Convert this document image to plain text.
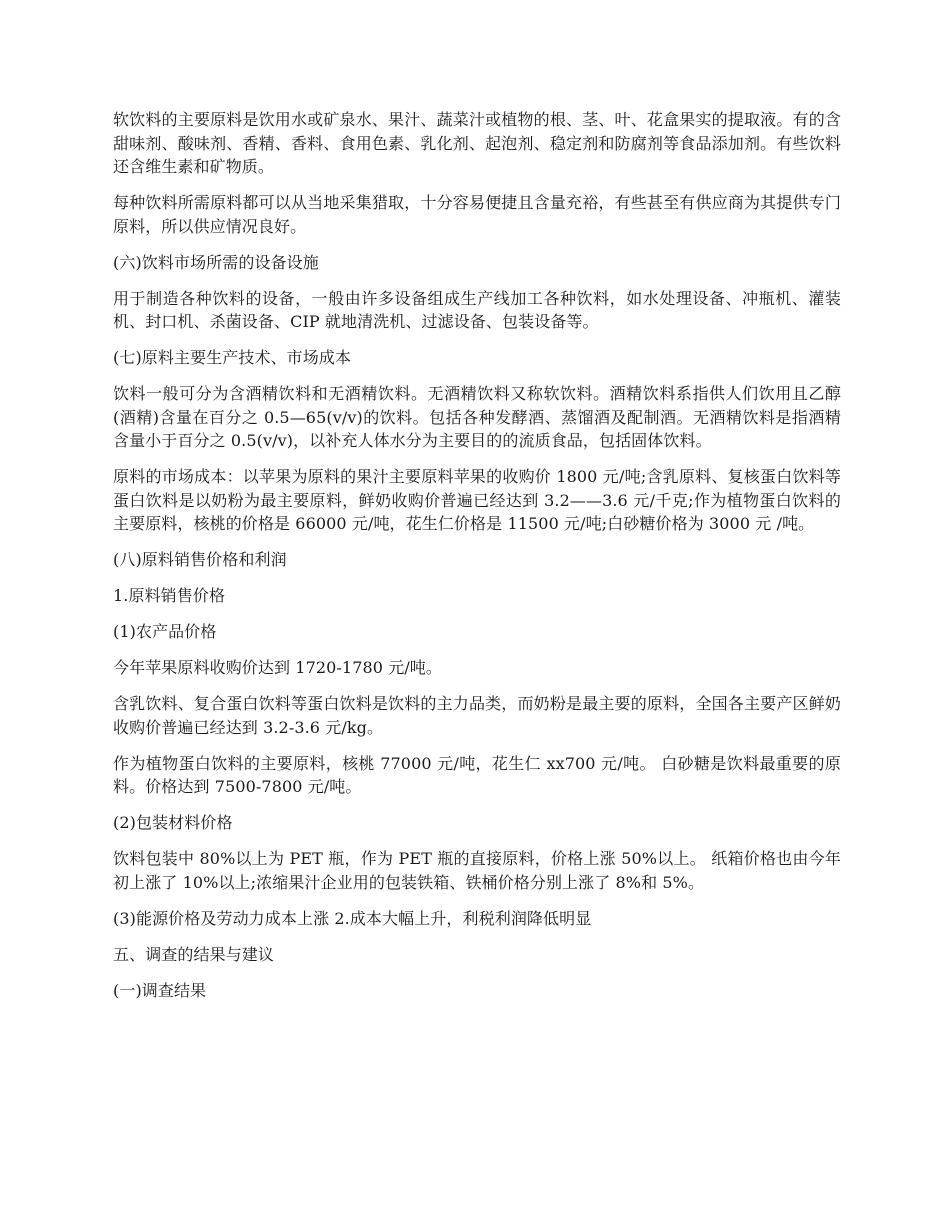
软饮料的主要原料是饮用水或矿泉水、果汁、蔬菜汁或植物的根、茎、叶、花盒果实的提取液。有的含甜味剂、酸味剂、香精、香料、食用色素、乳化剂、起泡剂、稳定剂和防腐剂等食品添加剂。有些饮料还含维生素和矿物质。

每种饮料所需原料都可以从当地采集猎取，十分容易便捷且含量充裕，有些甚至有供应商为其提供专门原料，所以供应情况良好。

(六)饮料市场所需的设备设施

用于制造各种饮料的设备，一般由许多设备组成生产线加工各种饮料，如水处理设备、冲瓶机、灌装机、封口机、杀菌设备、CIP 就地清洗机、过滤设备、包装设备等。

(七)原料主要生产技术、市场成本

饮料一般可分为含酒精饮料和无酒精饮料。无酒精饮料又称软饮料。酒精饮料系指供人们饮用且乙醇(酒精)含量在百分之 0.5—65(v/v)的饮料。包括各种发酵酒、蒸馏酒及配制酒。无酒精饮料是指酒精含量小于百分之 0.5(v/v)，以补充人体水分为主要目的的流质食品，包括固体饮料。

原料的市场成本：以苹果为原料的果汁主要原料苹果的收购价 1800 元/吨;含乳原料、复核蛋白饮料等蛋白饮料是以奶粉为最主要原料，鲜奶收购价普遍已经达到 3.2——3.6 元/千克;作为植物蛋白饮料的主要原料，核桃的价格是 66000 元/吨，花生仁价格是 11500 元/吨;白砂糖价格为 3000 元 /吨。

(八)原料销售价格和利润

1.原料销售价格

(1)农产品价格

今年苹果原料收购价达到 1720-1780 元/吨。

含乳饮料、复合蛋白饮料等蛋白饮料是饮料的主力品类，而奶粉是最主要的原料，全国各主要产区鲜奶收购价普遍已经达到 3.2-3.6 元/kg。

作为植物蛋白饮料的主要原料，核桃 77000 元/吨，花生仁 xx700 元/吨。 白砂糖是饮料最重要的原料。价格达到 7500-7800 元/吨。

(2)包装材料价格

饮料包装中 80%以上为 PET 瓶，作为 PET 瓶的直接原料，价格上涨 50%以上。 纸箱价格也由今年初上涨了 10%以上;浓缩果汁企业用的包装铁箱、铁桶价格分别上涨了 8%和 5%。

(3)能源价格及劳动力成本上涨 2.成本大幅上升，利税利润降低明显

五、调查的结果与建议

(一)调查结果
